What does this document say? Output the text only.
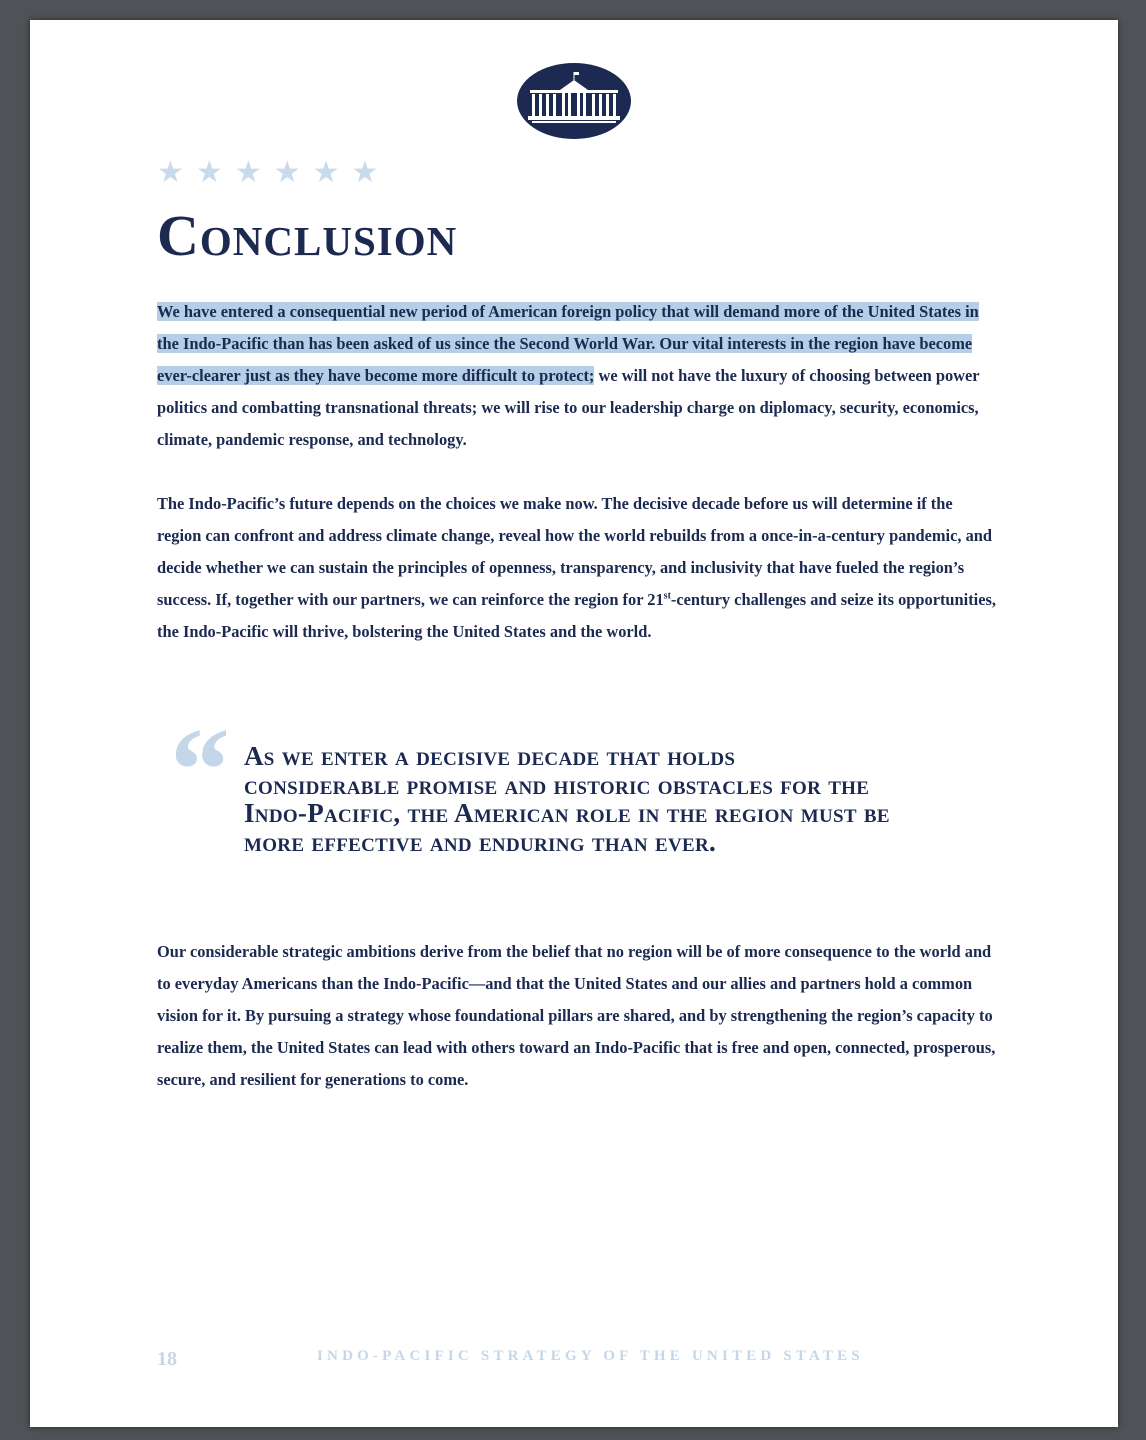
★ ★ ★ ★ ★ ★
Conclusion

We have entered a consequential new period of American foreign policy that will demand more of the United States in the Indo-Pacific than has been asked of us since the Second World War. Our vital interests in the region have become ever-clearer just as they have become more difficult to protect; we will not have the luxury of choosing between power politics and combatting transnational threats; we will rise to our leadership charge on diplomacy, security, economics, climate, pandemic response, and technology.

The Indo-Pacific’s future depends on the choices we make now. The decisive decade before us will determine if the region can confront and address climate change, reveal how the world rebuilds from a once-in-a-century pandemic, and decide whether we can sustain the principles of openness, transparency, and inclusivity that have fueled the region’s success. If, together with our partners, we can reinforce the region for 21st-century challenges and seize its opportunities, the Indo-Pacific will thrive, bolstering the United States and the world.

“ As we enter a decisive decade that holds considerable promise and historic obstacles for the Indo-Pacific, the American role in the region must be more effective and enduring than ever.

Our considerable strategic ambitions derive from the belief that no region will be of more consequence to the world and to everyday Americans than the Indo-Pacific—and that the United States and our allies and partners hold a common vision for it. By pursuing a strategy whose foundational pillars are shared, and by strengthening the region’s capacity to realize them, the United States can lead with others toward an Indo-Pacific that is free and open, connected, prosperous, secure, and resilient for generations to come.

18	INDO-PACIFIC STRATEGY OF THE UNITED STATES
